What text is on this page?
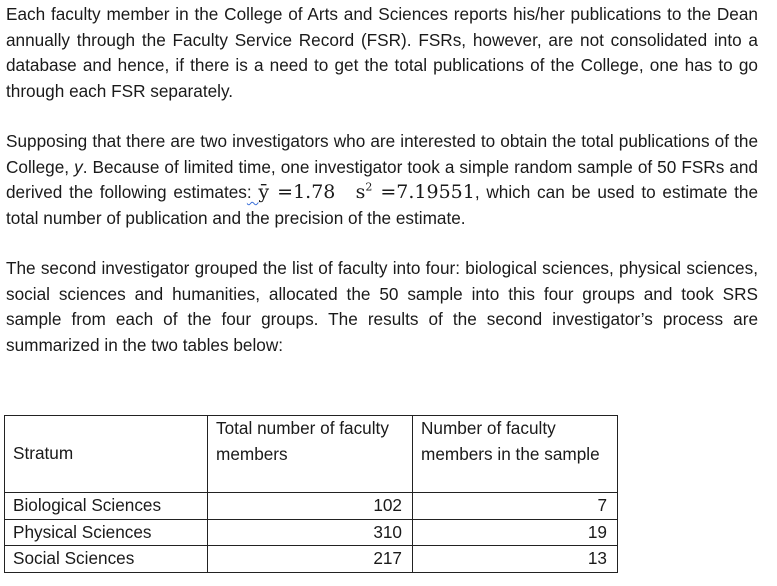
Each faculty member in the College of Arts and Sciences reports his/her publications to the Dean annually through the Faculty Service Record (FSR). FSRs, however, are not consolidated into a database and hence, if there is a need to get the total publications of the College, one has to go through each FSR separately.

Supposing that there are two investigators who are interested to obtain the total publications of the College, y. Because of limited time, one investigator took a simple random sample of 50 FSRs and derived the following estimates: ȳ =1.78 $s^2 =7.19551$, which can be used to estimate the total number of publication and the precision of the estimate.

The second investigator grouped the list of faculty into four: biological sciences, physical sciences, social sciences and humanities, allocated the 50 sample into this four groups and took SRS sample from each of the four groups. The results of the second investigator’s process are summarized in the two tables below:

Stratum	Total number of faculty members	Number of faculty members in the sample
Biological Sciences	102	7
Physical Sciences	310	19
Social Sciences	217	13
